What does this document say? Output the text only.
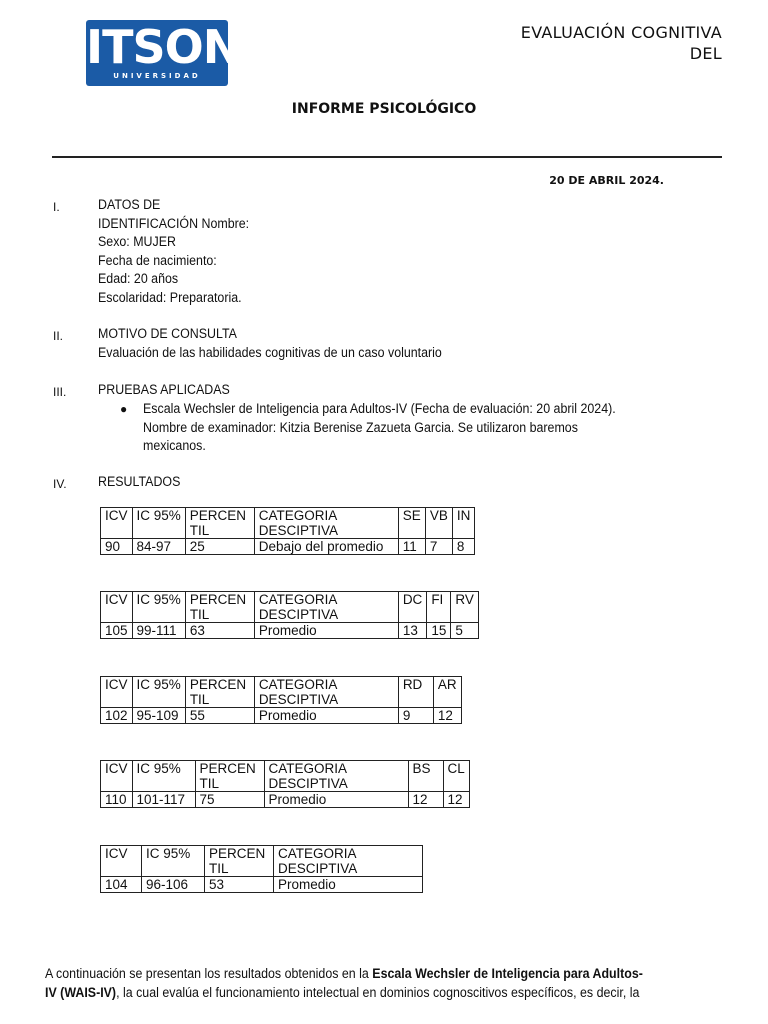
ITSON
UNIVERSIDAD
EVALUACIÓN COGNITIVA
DEL
INFORME PSICOLÓGICO
20 DE ABRIL 2024.
I.	DATOS DE
IDENTIFICACIÓN Nombre:
Sexo: MUJER
Fecha de nacimiento:
Edad: 20 años
Escolaridad: Preparatoria.
II.	MOTIVO DE CONSULTA
Evaluación de las habilidades cognitivas de un caso voluntario
III. PRUEBAS APLICADAS
● Escala Wechsler de Inteligencia para Adultos-IV (Fecha de evaluación: 20 abril 2024).
Nombre de examinador: Kitzia Berenise Zazueta Garcia. Se utilizaron baremos
mexicanos.
IV. RESULTADOS
ICV	IC 95%	PERCENTIL	CATEGORIA DESCIPTIVA	SE	VB	IN
90	84-97	25	Debajo del promedio	11	7	8
ICV	IC 95%	PERCENTIL	CATEGORIA DESCIPTIVA	DC	FI	RV
105	99-111	63	Promedio	13	15	5
ICV	IC 95%	PERCENTIL	CATEGORIA DESCIPTIVA	RD	AR
102	95-109	55	Promedio	9	12
ICV	IC 95%	PERCENTIL	CATEGORIA DESCIPTIVA	BS	CL
110	101-117	75	Promedio	12	12
ICV	IC 95%	PERCENTIL	CATEGORIA DESCIPTIVA
104	96-106	53	Promedio
A continuación se presentan los resultados obtenidos en la Escala Wechsler de Inteligencia para Adultos-
IV (WAIS-IV), la cual evalúa el funcionamiento intelectual en dominios cognoscitivos específicos, es decir, la
